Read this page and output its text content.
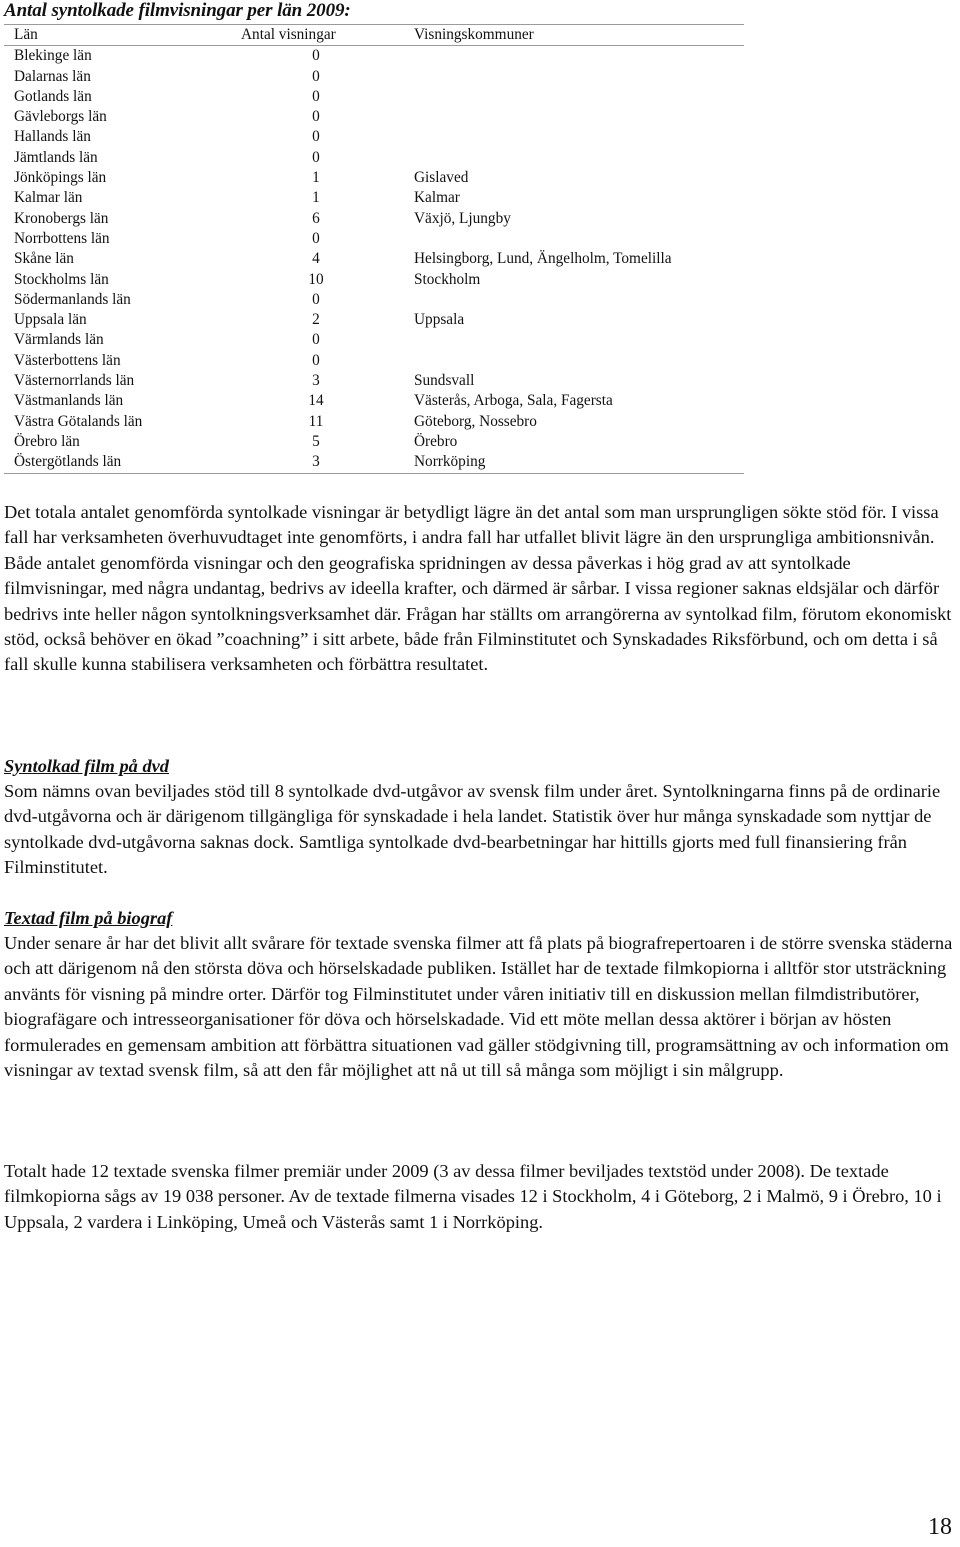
Antal syntolkade filmvisningar per län 2009:
Län	Antal visningar	Visningskommuner
Blekinge län	0
Dalarnas län	0
Gotlands län	0
Gävleborgs län	0
Hallands län	0
Jämtlands län	0
Jönköpings län	1	Gislaved
Kalmar län	1	Kalmar
Kronobergs län	6	Växjö, Ljungby
Norrbottens län	0
Skåne län	4	Helsingborg, Lund, Ängelholm, Tomelilla
Stockholms län	10	Stockholm
Södermanlands län	0
Uppsala län	2	Uppsala
Värmlands län	0
Västerbottens län	0
Västernorrlands län	3	Sundsvall
Västmanlands län	14	Västerås, Arboga, Sala, Fagersta
Västra Götalands län	11	Göteborg, Nossebro
Örebro län	5	Örebro
Östergötlands län	3	Norrköping

Det totala antalet genomförda syntolkade visningar är betydligt lägre än det antal som man ursprungligen sökte stöd för. I vissa fall har verksamheten överhuvudtaget inte genomförts, i andra fall har utfallet blivit lägre än den ursprungliga ambitionsnivån. Både antalet genomförda visningar och den geografiska spridningen av dessa påverkas i hög grad av att syntolkade filmvisningar, med några undantag, bedrivs av ideella krafter, och därmed är sårbar. I vissa regioner saknas eldsjälar och därför bedrivs inte heller någon syntolkningsverksamhet där. Frågan har ställts om arrangörerna av syntolkad film, förutom ekonomiskt stöd, också behöver en ökad ”coachning” i sitt arbete, både från Filminstitutet och Synskadades Riksförbund, och om detta i så fall skulle kunna stabilisera verksamheten och förbättra resultatet.

Syntolkad film på dvd

Som nämns ovan beviljades stöd till 8 syntolkade dvd-utgåvor av svensk film under året. Syntolkningarna finns på de ordinarie dvd-utgåvorna och är därigenom tillgängliga för synskadade i hela landet. Statistik över hur många synskadade som nyttjar de syntolkade dvd-utgåvorna saknas dock. Samtliga syntolkade dvd-bearbetningar har hittills gjorts med full finansiering från Filminstitutet.

Textad film på biograf

Under senare år har det blivit allt svårare för textade svenska filmer att få plats på biografrepertoaren i de större svenska städerna och att därigenom nå den största döva och hörselskadade publiken. Istället har de textade filmkopiorna i alltför stor utsträckning använts för visning på mindre orter. Därför tog Filminstitutet under våren initiativ till en diskussion mellan filmdistributörer, biografägare och intresseorganisationer för döva och hörselskadade. Vid ett möte mellan dessa aktörer i början av hösten formulerades en gemensam ambition att förbättra situationen vad gäller stödgivning till, programsättning av och information om visningar av textad svensk film, så att den får möjlighet att nå ut till så många som möjligt i sin målgrupp.

Totalt hade 12 textade svenska filmer premiär under 2009 (3 av dessa filmer beviljades textstöd under 2008). De textade filmkopiorna sågs av 19 038 personer. Av de textade filmerna visades 12 i Stockholm, 4 i Göteborg, 2 i Malmö, 9 i Örebro, 10 i Uppsala, 2 vardera i Linköping, Umeå och Västerås samt 1 i Norrköping.

18
